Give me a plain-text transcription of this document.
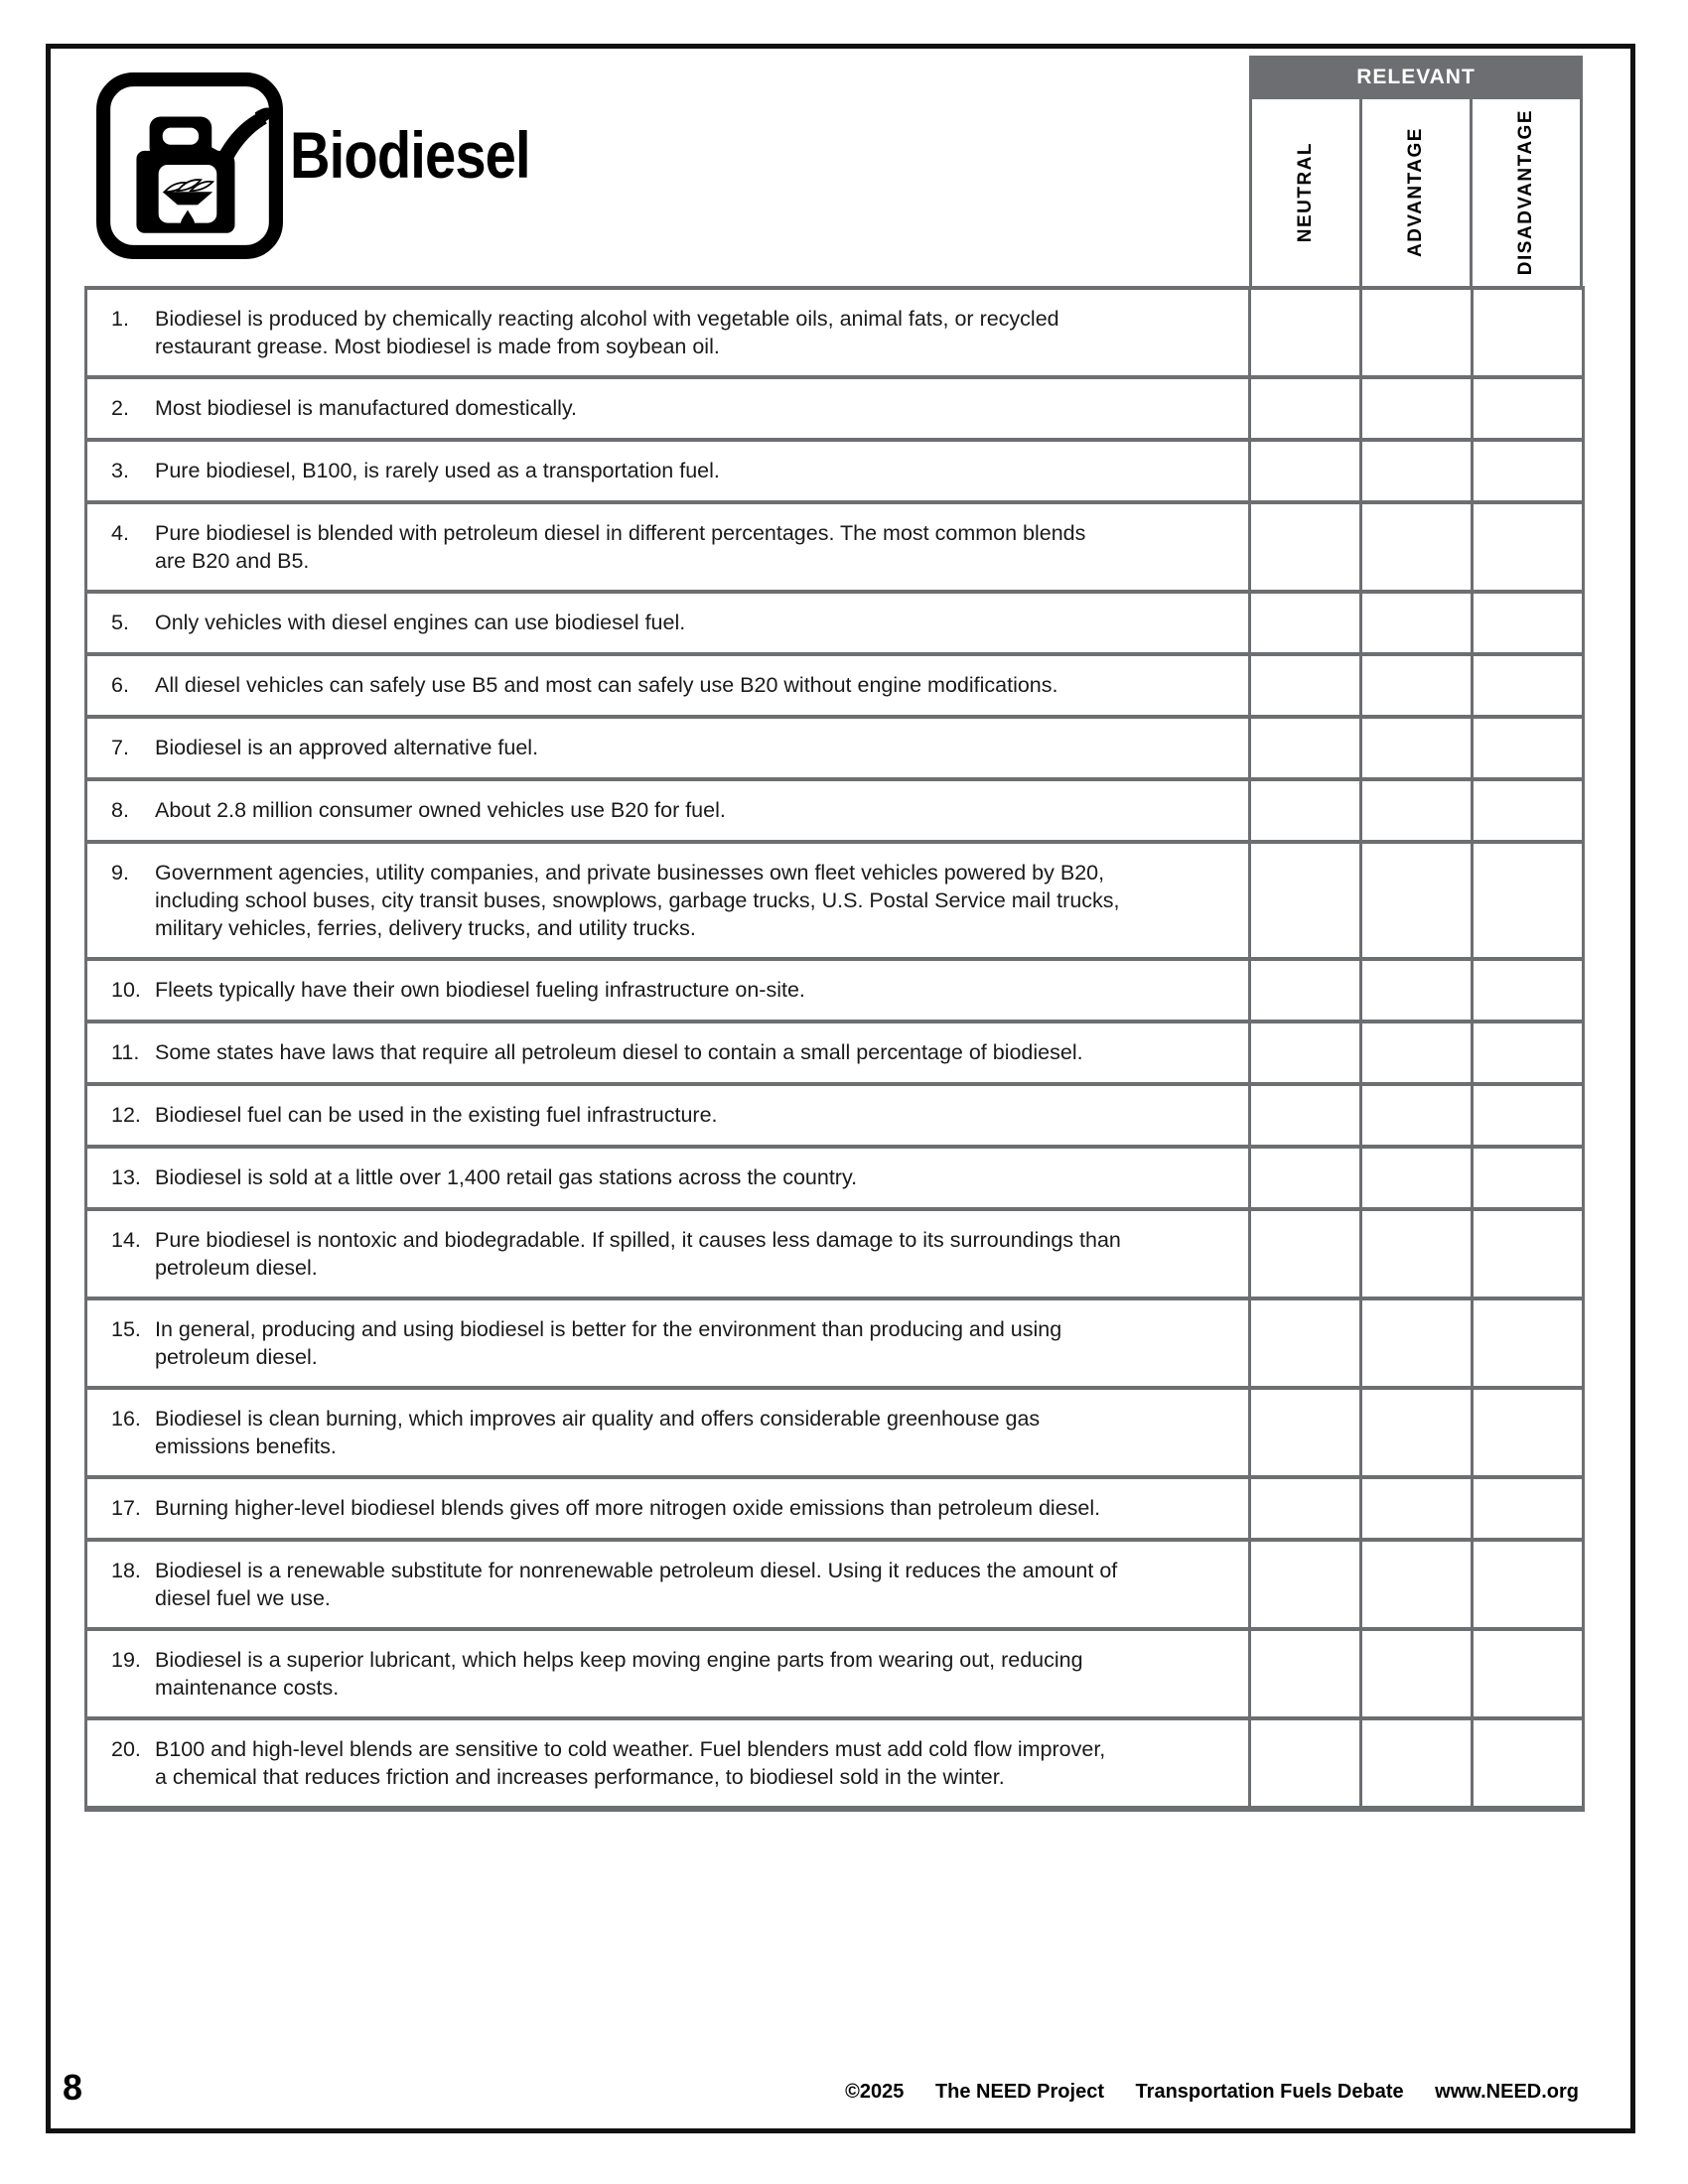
Biodiesel
RELEVANT
NEUTRAL	ADVANTAGE	DISADVANTAGE
1.	Biodiesel is produced by chemically reacting alcohol with vegetable oils, animal fats, or recycled restaurant grease. Most biodiesel is made from soybean oil.
2.	Most biodiesel is manufactured domestically.
3.	Pure biodiesel, B100, is rarely used as a transportation fuel.
4.	Pure biodiesel is blended with petroleum diesel in different percentages. The most common blends are B20 and B5.
5.	Only vehicles with diesel engines can use biodiesel fuel.
6.	All diesel vehicles can safely use B5 and most can safely use B20 without engine modifications.
7.	Biodiesel is an approved alternative fuel.
8.	About 2.8 million consumer owned vehicles use B20 for fuel.
9.	Government agencies, utility companies, and private businesses own fleet vehicles powered by B20, including school buses, city transit buses, snowplows, garbage trucks, U.S. Postal Service mail trucks, military vehicles, ferries, delivery trucks, and utility trucks.
10. Fleets typically have their own biodiesel fueling infrastructure on-site.
11. Some states have laws that require all petroleum diesel to contain a small percentage of biodiesel.
12. Biodiesel fuel can be used in the existing fuel infrastructure.
13. Biodiesel is sold at a little over 1,400 retail gas stations across the country.
14. Pure biodiesel is nontoxic and biodegradable. If spilled, it causes less damage to its surroundings than petroleum diesel.
15. In general, producing and using biodiesel is better for the environment than producing and using petroleum diesel.
16. Biodiesel is clean burning, which improves air quality and offers considerable greenhouse gas emissions benefits.
17. Burning higher-level biodiesel blends gives off more nitrogen oxide emissions than petroleum diesel.
18. Biodiesel is a renewable substitute for nonrenewable petroleum diesel. Using it reduces the amount of diesel fuel we use.
19. Biodiesel is a superior lubricant, which helps keep moving engine parts from wearing out, reducing maintenance costs.
20. B100 and high-level blends are sensitive to cold weather. Fuel blenders must add cold flow improver, a chemical that reduces friction and increases performance, to biodiesel sold in the winter.
8	©2025 The NEED Project Transportation Fuels Debate www.NEED.org
